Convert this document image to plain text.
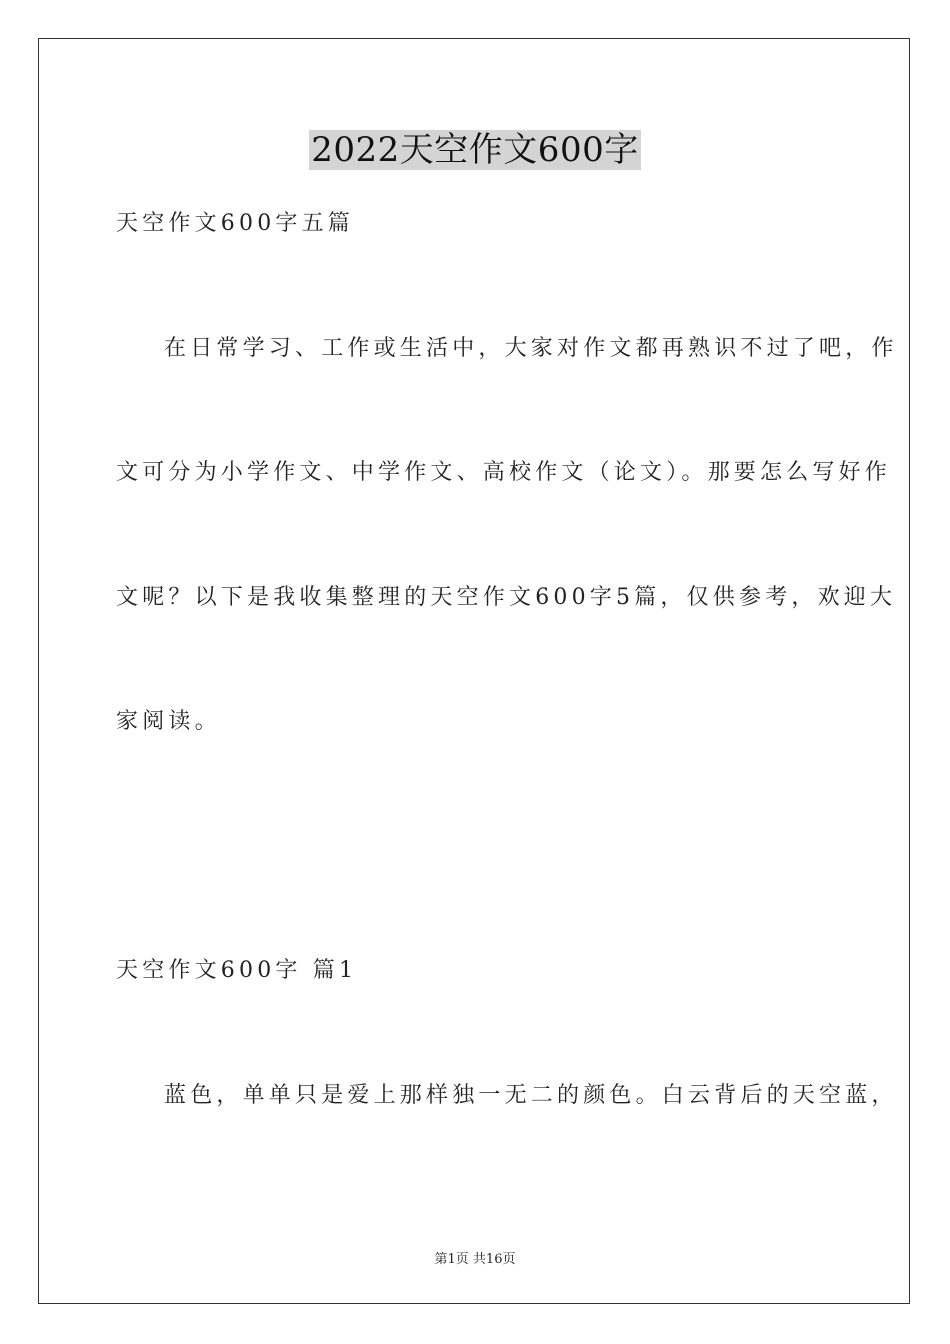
2022天空作文600字
天空作文600字五篇
在日常学习、工作或生活中，大家对作文都再熟识不过了吧，作
文可分为小学作文、中学作文、高校作文（论文）。那要怎么写好作
文呢？以下是我收集整理的天空作文600字5篇，仅供参考，欢迎大
家阅读。
天空作文600字 篇1
蓝色，单单只是爱上那样独一无二的颜色。白云背后的天空蓝，
第1页 共16页
